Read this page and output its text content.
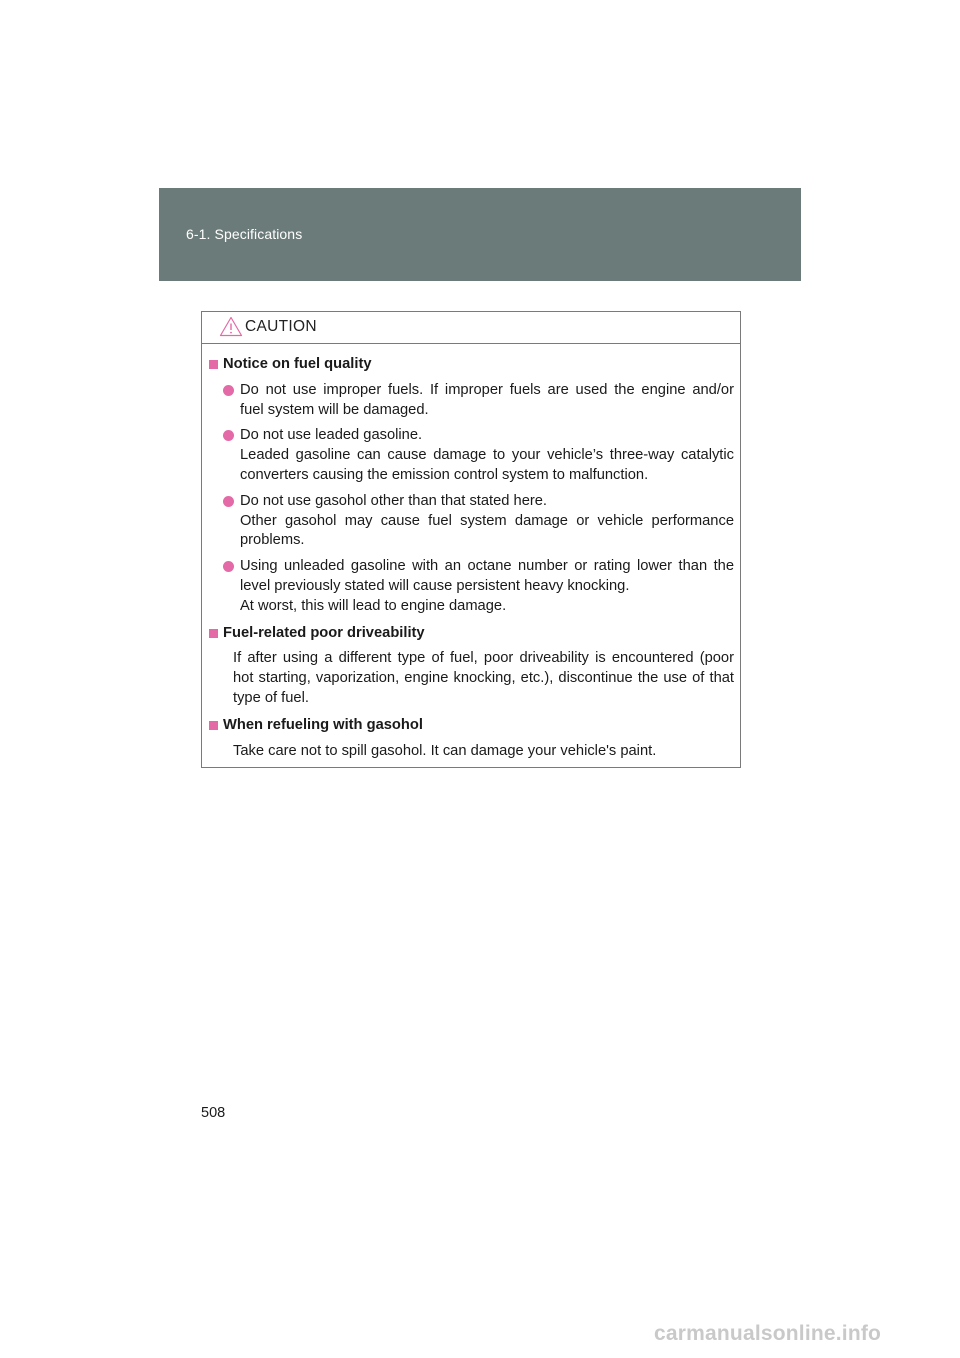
6-1. Specifications
CAUTION
Notice on fuel quality
Do not use improper fuels. If improper fuels are used the engine and/or
fuel system will be damaged.
Do not use leaded gasoline.
Leaded gasoline can cause damage to your vehicle’s three-way catalytic
converters causing the emission control system to malfunction.
Do not use gasohol other than that stated here.
Other gasohol may cause fuel system damage or vehicle performance
problems.
Using unleaded gasoline with an octane number or rating lower than the
level previously stated will cause persistent heavy knocking.
At worst, this will lead to engine damage.
Fuel-related poor driveability
If after using a different type of fuel, poor driveability is encountered (poor
hot starting, vaporization, engine knocking, etc.), discontinue the use of that
type of fuel.
When refueling with gasohol
Take care not to spill gasohol. It can damage your vehicle's paint.
508
carmanualsonline.info
